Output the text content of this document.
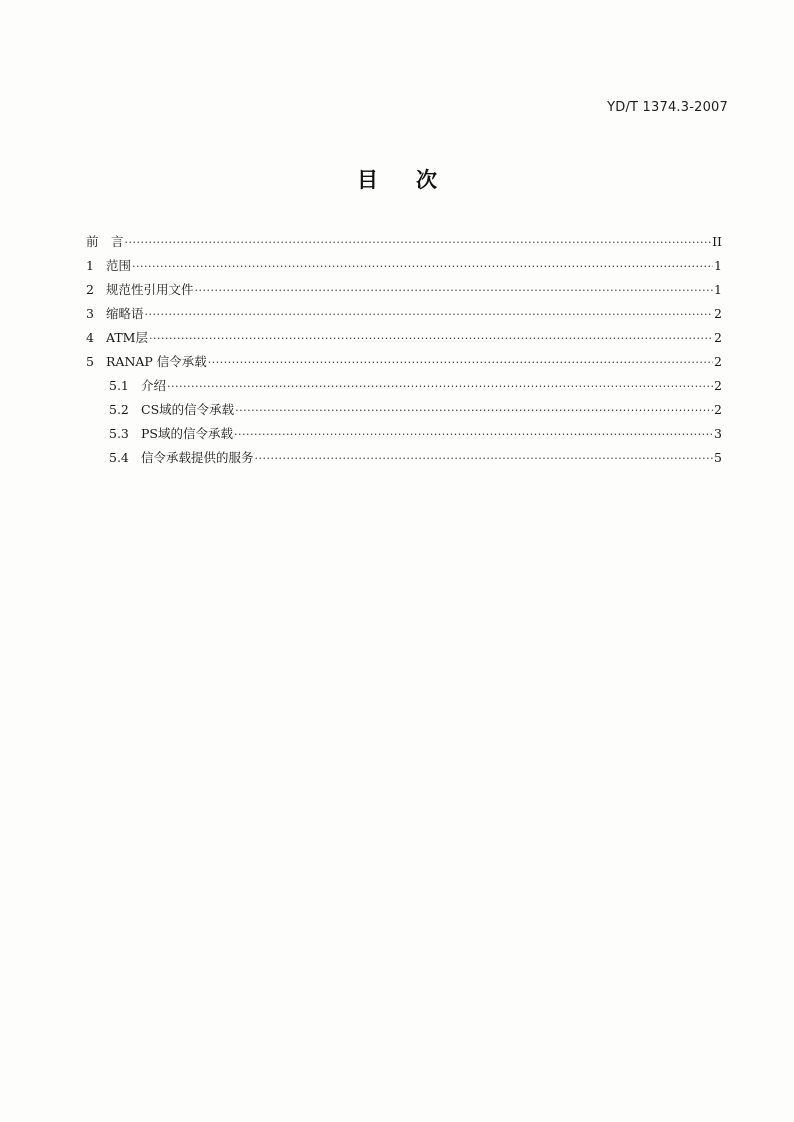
YD/T 1374.3-2007
目 次
前　言 ·····	II
1 范围 ·····	1
2 规范性引用文件 ·····	1
3 缩略语 ·····	2
4 ATM层 ·····	2
5 RANAP 信令承载 ·····	2
5.1 介绍 ·····	2
5.2 CS域的信令承载 ·····	2
5.3 PS域的信令承载 ·····	3
5.4 信令承载提供的服务 ·····	5
